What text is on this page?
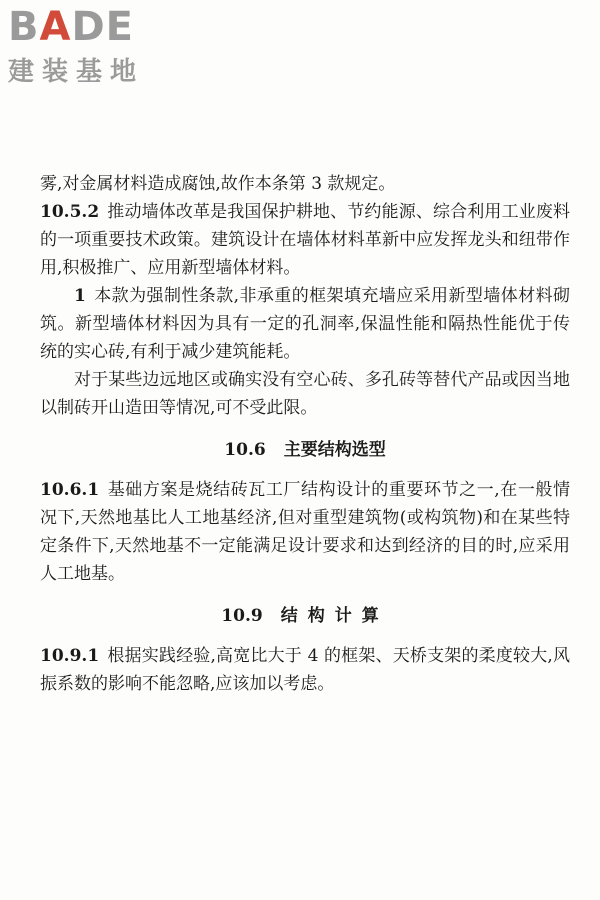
BADE
建装基地

雾,对金属材料造成腐蚀,故作本条第 3 款规定。

10.5.2 推动墙体改革是我国保护耕地、节约能源、综合利用工业废料的一项重要技术政策。建筑设计在墙体材料革新中应发挥龙头和纽带作用,积极推广、应用新型墙体材料。

1 本款为强制性条款,非承重的框架填充墙应采用新型墙体材料砌筑。新型墙体材料因为具有一定的孔洞率,保温性能和隔热性能优于传统的实心砖,有利于减少建筑能耗。

对于某些边远地区或确实没有空心砖、多孔砖等替代产品或因当地以制砖开山造田等情况,可不受此限。

10.6 主要结构选型

10.6.1 基础方案是烧结砖瓦工厂结构设计的重要环节之一,在一般情况下,天然地基比人工地基经济,但对重型建筑物(或构筑物)和在某些特定条件下,天然地基不一定能满足设计要求和达到经济的目的时,应采用人工地基。

10.9 结构计算

10.9.1 根据实践经验,高宽比大于 4 的框架、天桥支架的柔度较大,风振系数的影响不能忽略,应该加以考虑。
